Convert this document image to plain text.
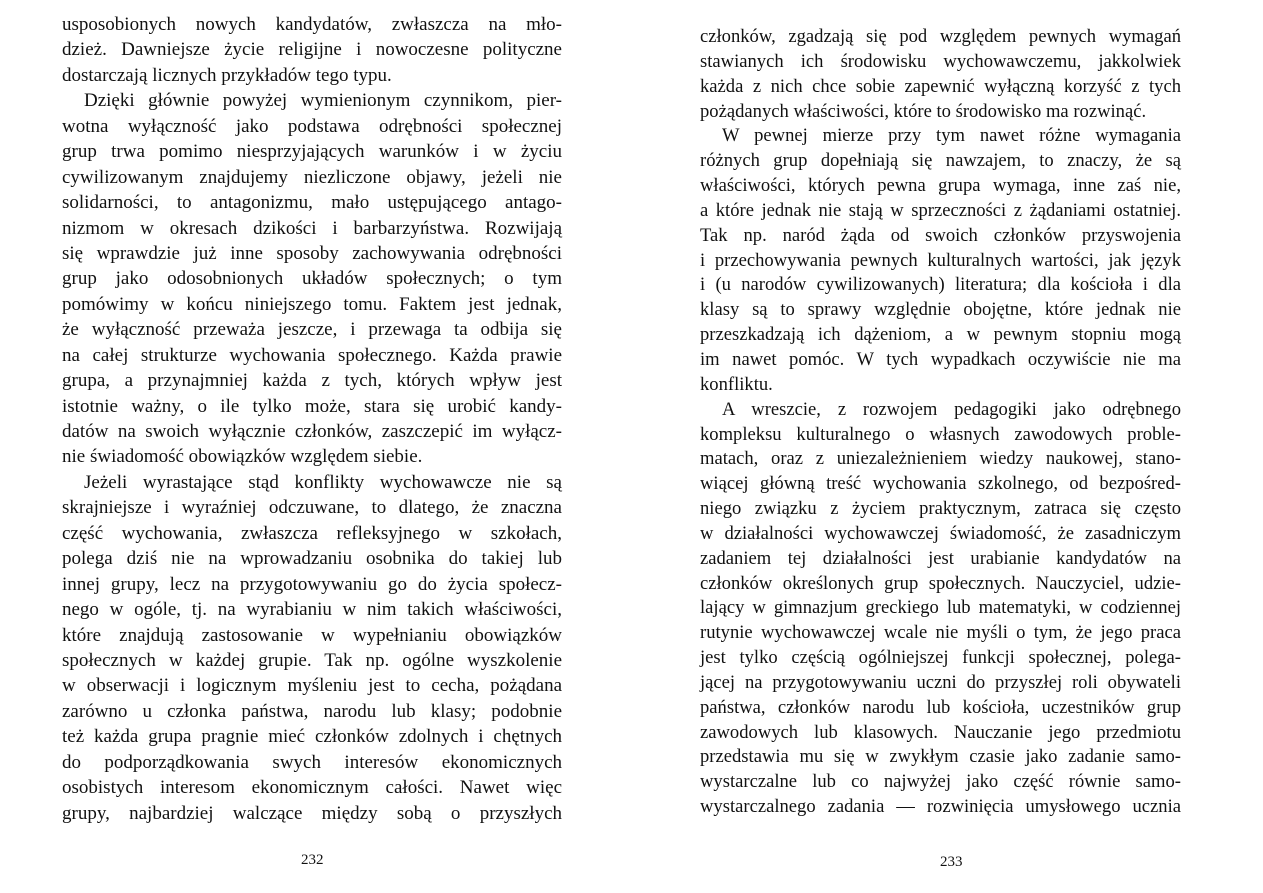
usposobionych nowych kandydatów, zwłaszcza na mło-
dzież. Dawniejsze życie religijne i nowoczesne polityczne
dostarczają licznych przykładów tego typu.
Dzięki głównie powyżej wymienionym czynnikom, pier-
wotna wyłączność jako podstawa odrębności społecznej
grup trwa pomimo niesprzyjających warunków i w życiu
cywilizowanym znajdujemy niezliczone objawy, jeżeli nie
solidarności, to antagonizmu, mało ustępującego antago-
nizmom w okresach dzikości i barbarzyństwa. Rozwijają
się wprawdzie już inne sposoby zachowywania odrębności
grup jako odosobnionych układów społecznych; o tym
pomówimy w końcu niniejszego tomu. Faktem jest jednak,
że wyłączność przeważa jeszcze, i przewaga ta odbija się
na całej strukturze wychowania społecznego. Każda prawie
grupa, a przynajmniej każda z tych, których wpływ jest
istotnie ważny, o ile tylko może, stara się urobić kandy-
datów na swoich wyłącznie członków, zaszczepić im wyłącz-
nie świadomość obowiązków względem siebie.
Jeżeli wyrastające stąd konflikty wychowawcze nie są
skrajniejsze i wyraźniej odczuwane, to dlatego, że znaczna
część wychowania, zwłaszcza refleksyjnego w szkołach,
polega dziś nie na wprowadzaniu osobnika do takiej lub
innej grupy, lecz na przygotowywaniu go do życia społecz-
nego w ogóle, tj. na wyrabianiu w nim takich właściwości,
które znajdują zastosowanie w wypełnianiu obowiązków
społecznych w każdej grupie. Tak np. ogólne wyszkolenie
w obserwacji i logicznym myśleniu jest to cecha, pożądana
zarówno u członka państwa, narodu lub klasy; podobnie
też każda grupa pragnie mieć członków zdolnych i chętnych
do podporządkowania swych interesów ekonomicznych
osobistych interesom ekonomicznym całości. Nawet więc
grupy, najbardziej walczące między sobą o przyszłych
członków, zgadzają się pod względem pewnych wymagań
stawianych ich środowisku wychowawczemu, jakkolwiek
każda z nich chce sobie zapewnić wyłączną korzyść z tych
pożądanych właściwości, które to środowisko ma rozwinąć.
W pewnej mierze przy tym nawet różne wymagania
różnych grup dopełniają się nawzajem, to znaczy, że są
właściwości, których pewna grupa wymaga, inne zaś nie,
a które jednak nie stają w sprzeczności z żądaniami ostatniej.
Tak np. naród żąda od swoich członków przyswojenia
i przechowywania pewnych kulturalnych wartości, jak język
i (u narodów cywilizowanych) literatura; dla kościoła i dla
klasy są to sprawy względnie obojętne, które jednak nie
przeszkadzają ich dążeniom, a w pewnym stopniu mogą
im nawet pomóc. W tych wypadkach oczywiście nie ma
konfliktu.
A wreszcie, z rozwojem pedagogiki jako odrębnego
kompleksu kulturalnego o własnych zawodowych proble-
matach, oraz z uniezależnieniem wiedzy naukowej, stano-
wiącej główną treść wychowania szkolnego, od bezpośred-
niego związku z życiem praktycznym, zatraca się często
w działalności wychowawczej świadomość, że zasadniczym
zadaniem tej działalności jest urabianie kandydatów na
członków określonych grup społecznych. Nauczyciel, udzie-
lający w gimnazjum greckiego lub matematyki, w codziennej
rutynie wychowawczej wcale nie myśli o tym, że jego praca
jest tylko częścią ogólniejszej funkcji społecznej, polega-
jącej na przygotowywaniu uczni do przyszłej roli obywateli
państwa, członków narodu lub kościoła, uczestników grup
zawodowych lub klasowych. Nauczanie jego przedmiotu
przedstawia mu się w zwykłym czasie jako zadanie samo-
wystarczalne lub co najwyżej jako część równie samo-
wystarczalnego zadania — rozwinięcia umysłowego ucznia
232	233
